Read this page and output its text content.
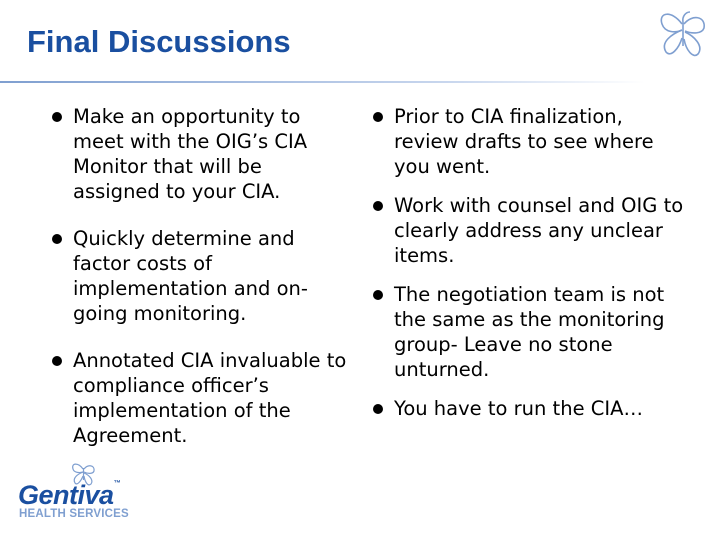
Final Discussions
Make an opportunity to meet with the OIG’s CIA Monitor that will be assigned to your CIA.
Quickly determine and factor costs of implementation and on-going monitoring.
Annotated CIA invaluable to compliance officer’s implementation of the Agreement.
Prior to CIA finalization, review drafts to see where you went.
Work with counsel and OIG to clearly address any unclear items.
The negotiation team is not the same as the monitoring group- Leave no stone unturned.
You have to run the CIA…
Gentiva™
HEALTH SERVICES
